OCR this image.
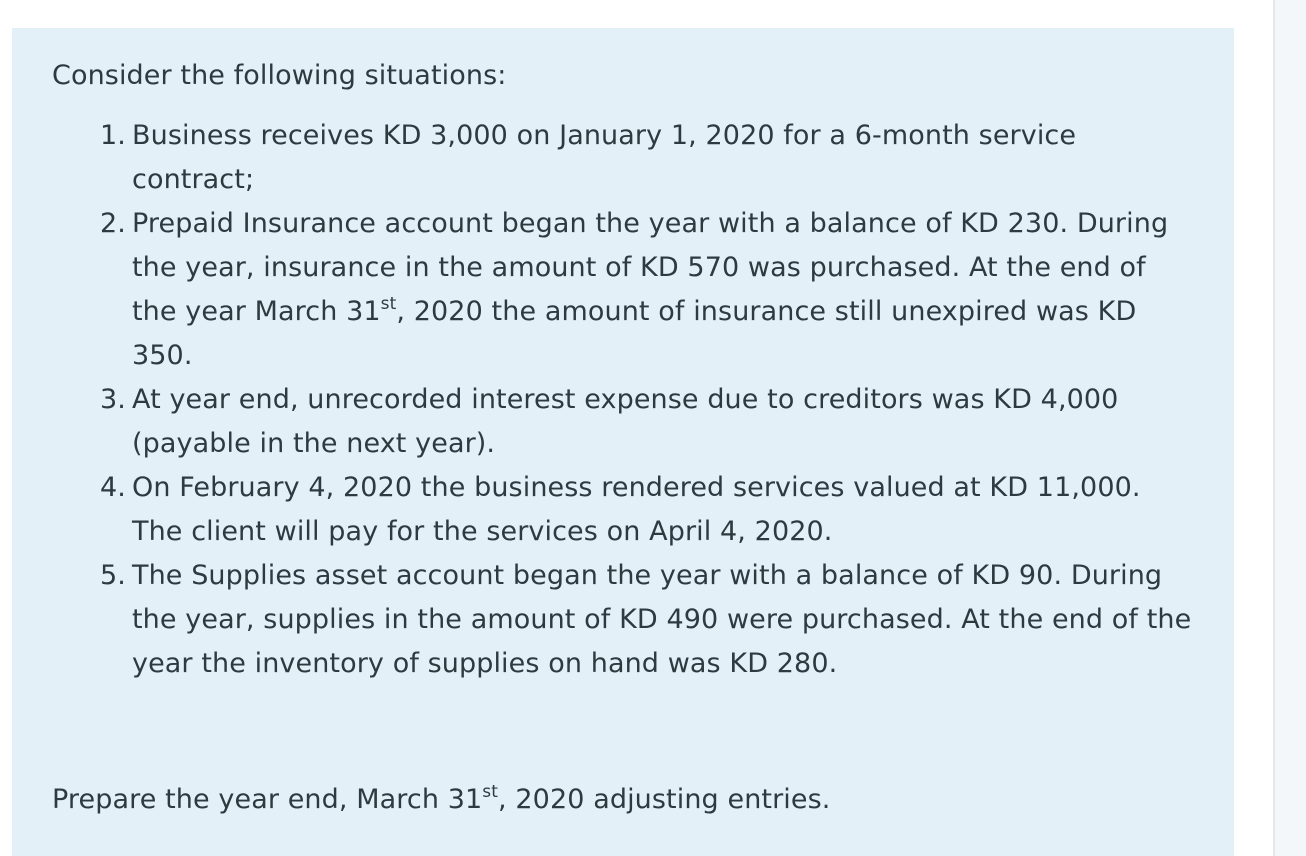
Consider the following situations:
1. Business receives KD 3,000 on January 1, 2020 for a 6-month service contract;
2. Prepaid Insurance account began the year with a balance of KD 230. During the year, insurance in the amount of KD 570 was purchased. At the end of the year March 31st, 2020 the amount of insurance still unexpired was KD 350.
3. At year end, unrecorded interest expense due to creditors was KD 4,000 (payable in the next year).
4. On February 4, 2020 the business rendered services valued at KD 11,000. The client will pay for the services on April 4, 2020.
5. The Supplies asset account began the year with a balance of KD 90. During the year, supplies in the amount of KD 490 were purchased. At the end of the year the inventory of supplies on hand was KD 280.
Prepare the year end, March 31st, 2020 adjusting entries.
